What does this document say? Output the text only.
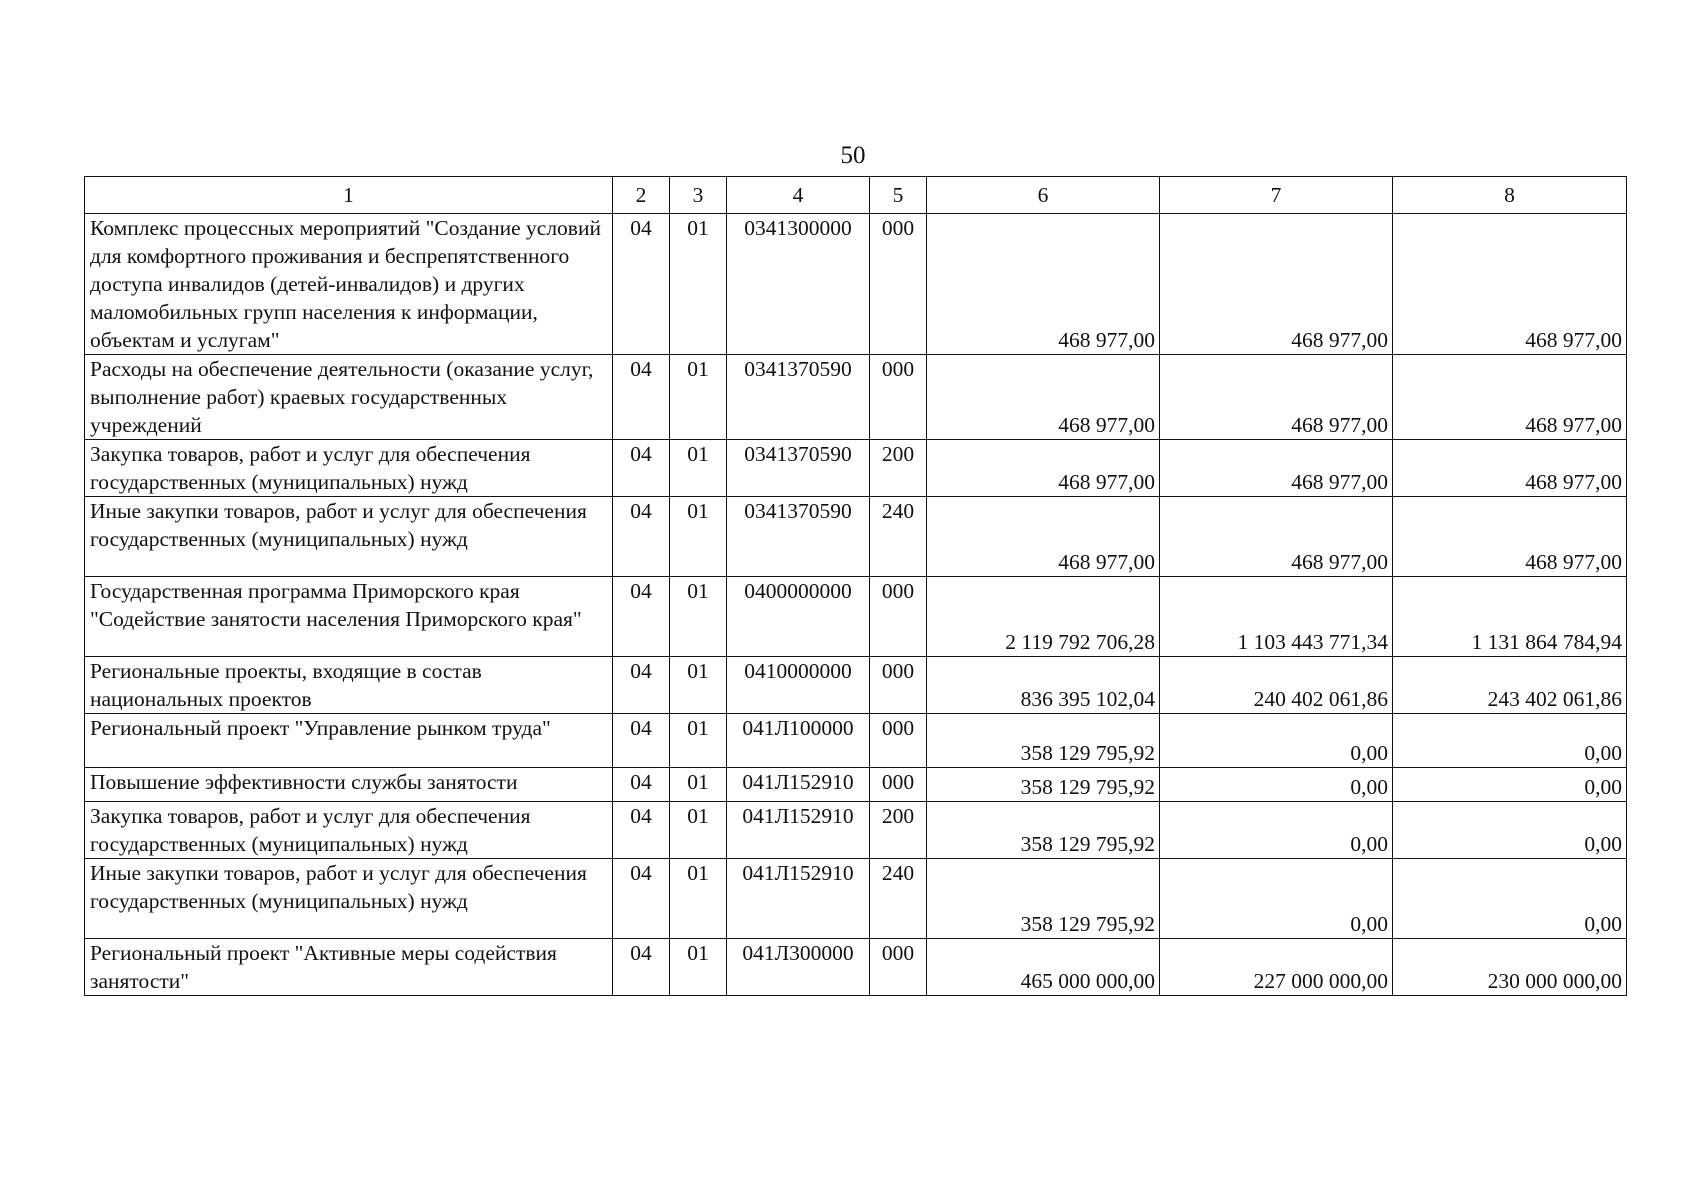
50
1	2	3	4	5	6	7	8
Комплекс процессных мероприятий "Создание условий для комфортного проживания и беспрепятственного доступа инвалидов (детей-инвалидов) и других маломобильных групп населения к информации, объектам и услугам"	04	01	0341300000	000	468 977,00	468 977,00	468 977,00
Расходы на обеспечение деятельности (оказание услуг, выполнение работ) краевых государственных учреждений	04	01	0341370590	000	468 977,00	468 977,00	468 977,00
Закупка товаров, работ и услуг для обеспечения государственных (муниципальных) нужд	04	01	0341370590	200	468 977,00	468 977,00	468 977,00
Иные закупки товаров, работ и услуг для обеспечения государственных (муниципальных) нужд	04	01	0341370590	240	468 977,00	468 977,00	468 977,00
Государственная программа Приморского края "Содействие занятости населения Приморского края"	04	01	0400000000	000	2 119 792 706,28	1 103 443 771,34	1 131 864 784,94
Региональные проекты, входящие в состав национальных проектов	04	01	0410000000	000	836 395 102,04	240 402 061,86	243 402 061,86
Региональный проект "Управление рынком труда"	04	01	041Л100000	000	358 129 795,92	0,00	0,00
Повышение эффективности службы занятости	04	01	041Л152910	000	358 129 795,92	0,00	0,00
Закупка товаров, работ и услуг для обеспечения государственных (муниципальных) нужд	04	01	041Л152910	200	358 129 795,92	0,00	0,00
Иные закупки товаров, работ и услуг для обеспечения государственных (муниципальных) нужд	04	01	041Л152910	240	358 129 795,92	0,00	0,00
Региональный проект "Активные меры содействия занятости"	04	01	041Л300000	000	465 000 000,00	227 000 000,00	230 000 000,00
